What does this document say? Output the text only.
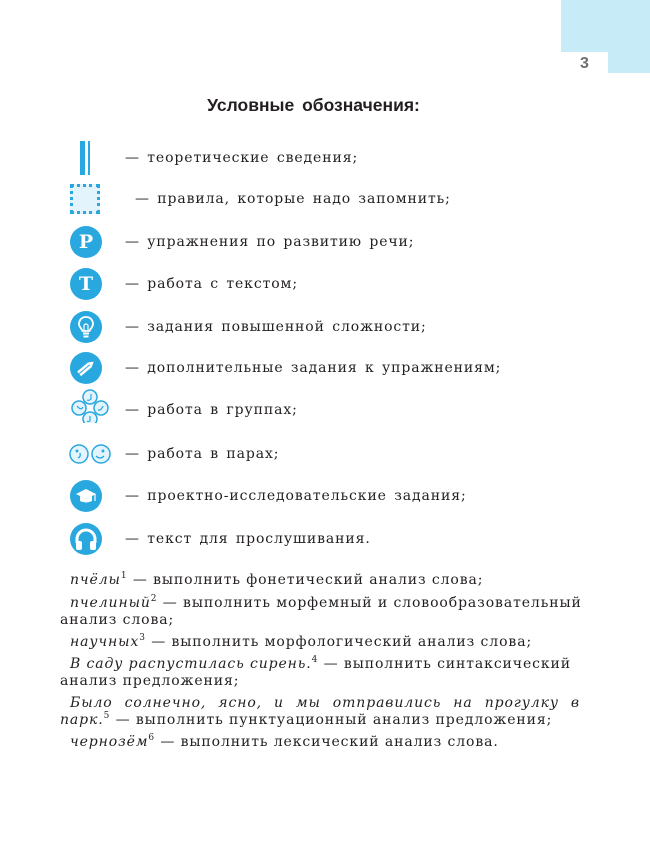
3
Условные обозначения:
— теоретические сведения;
— правила, которые надо запомнить;
Р	— упражнения по развитию речи;
Т	— работа с текстом;
— задания повышенной сложности;
— дополнительные задания к упражнениям;
— работа в группах;
— работа в парах;
— проектно-исследовательские задания;
— текст для прослушивания.
пчёлы$^1$ — выполнить фонетический анализ слова;
пчелиный$^2$ — выполнить морфемный и словообразовательный
анализ слова;
научных$^3$ — выполнить морфологический анализ слова;
В саду распустилась сирень.$^4$ — выполнить синтаксический
анализ предложения;
Было солнечно, ясно, и мы отправились на прогулку в
парк.$^5$ — выполнить пунктуационный анализ предложения;
чернозём$^6$ — выполнить лексический анализ слова.
